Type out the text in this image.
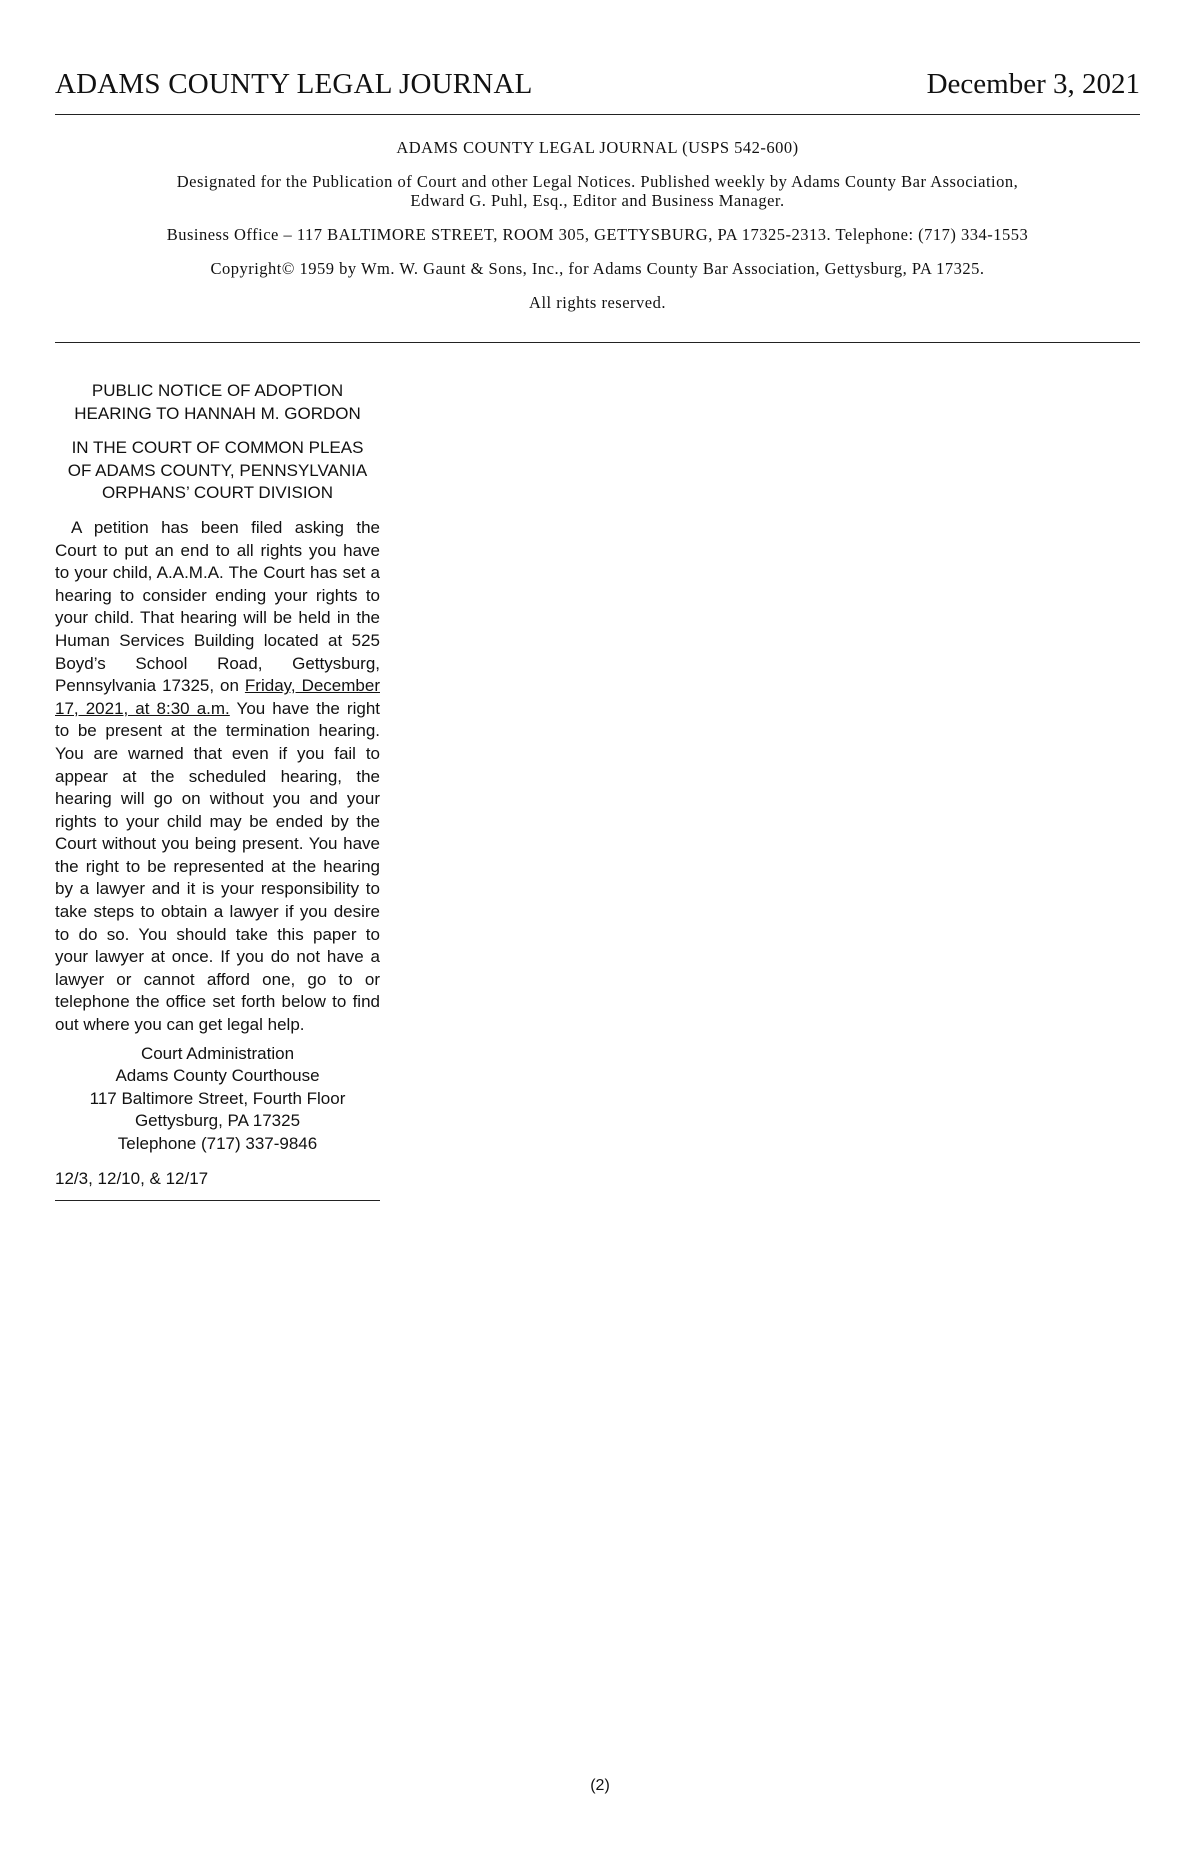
ADAMS COUNTY LEGAL JOURNAL	December 3, 2021

ADAMS COUNTY LEGAL JOURNAL (USPS 542-600)

Designated for the Publication of Court and other Legal Notices. Published weekly by Adams County Bar Association,
Edward G. Puhl, Esq., Editor and Business Manager.

Business Office – 117 BALTIMORE STREET, ROOM 305, GETTYSBURG, PA 17325-2313. Telephone: (717) 334-1553

Copyright© 1959 by Wm. W. Gaunt & Sons, Inc., for Adams County Bar Association, Gettysburg, PA 17325.

All rights reserved.

PUBLIC NOTICE OF ADOPTION
HEARING TO HANNAH M. GORDON
IN THE COURT OF COMMON PLEAS
OF ADAMS COUNTY, PENNSYLVANIA
ORPHANS’ COURT DIVISION

A petition has been filed asking the Court to put an end to all rights you have to your child, A.A.M.A. The Court has set a hearing to consider ending your rights to your child. That hearing will be held in the Human Services Building located at 525 Boyd’s School Road, Gettysburg, Pennsylvania 17325, on Friday, December 17, 2021, at 8:30 a.m. You have the right to be present at the termination hearing. You are warned that even if you fail to appear at the scheduled hearing, the hearing will go on without you and your rights to your child may be ended by the Court without you being present. You have the right to be represented at the hearing by a lawyer and it is your responsibility to take steps to obtain a lawyer if you desire to do so. You should take this paper to your lawyer at once. If you do not have a lawyer or cannot afford one, go to or telephone the office set forth below to find out where you can get legal help.

Court Administration
Adams County Courthouse
117 Baltimore Street, Fourth Floor
Gettysburg, PA 17325
Telephone (717) 337-9846

12/3, 12/10, & 12/17

(2)
